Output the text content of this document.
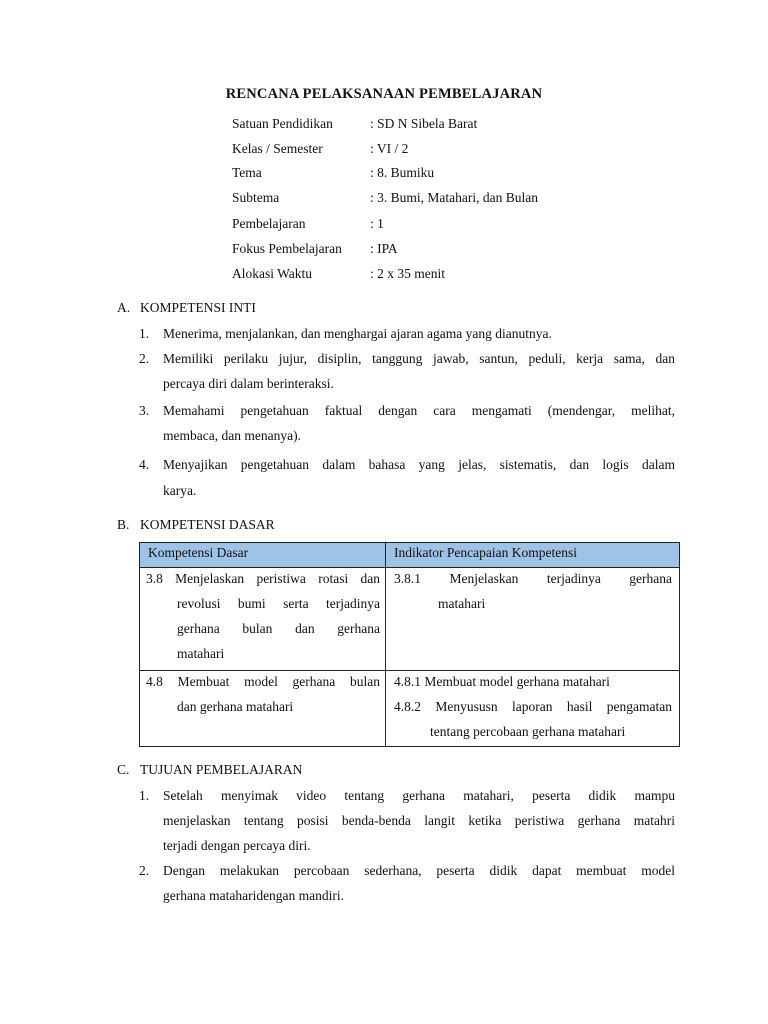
RENCANA PELAKSANAAN PEMBELAJARAN
Satuan Pendidikan	: SD N Sibela Barat
Kelas / Semester	: VI / 2
Tema	: 8. Bumiku
Subtema	: 3. Bumi, Matahari, dan Bulan
Pembelajaran	: 1
Fokus Pembelajaran : IPA
Alokasi Waktu	: 2 x 35 menit
A. KOMPETENSI INTI
1. Menerima, menjalankan, dan menghargai ajaran agama yang dianutnya.
2. Memiliki perilaku jujur, disiplin, tanggung jawab, santun, peduli, kerja sama, dan
percaya diri dalam berinteraksi.
3. Memahami pengetahuan faktual dengan cara mengamati (mendengar, melihat,
membaca, dan menanya).
4. Menyajikan pengetahuan dalam bahasa yang jelas, sistematis, dan logis dalam
karya.
B. KOMPETENSI DASAR
Kompetensi Dasar	Indikator Pencapaian Kompetensi

3.8 Menjelaskan peristiwa rotasi dan
revolusi bumi serta terjadinya
gerhana bulan dan gerhana
matahari	3.8.1 Menjelaskan terjadinya gerhana
matahari

4.8 Membuat model gerhana bulan
dan gerhana matahari	4.8.1 Membuat model gerhana matahari
4.8.2 Menyususn laporan hasil pengamatan
tentang percobaan gerhana matahari
C. TUJUAN PEMBELAJARAN
1. Setelah menyimak video tentang gerhana matahari, peserta didik mampu
menjelaskan tentang posisi benda-benda langit ketika peristiwa gerhana matahri
terjadi dengan percaya diri.
2. Dengan melakukan percobaan sederhana, peserta didik dapat membuat model
gerhana mataharidengan mandiri.
